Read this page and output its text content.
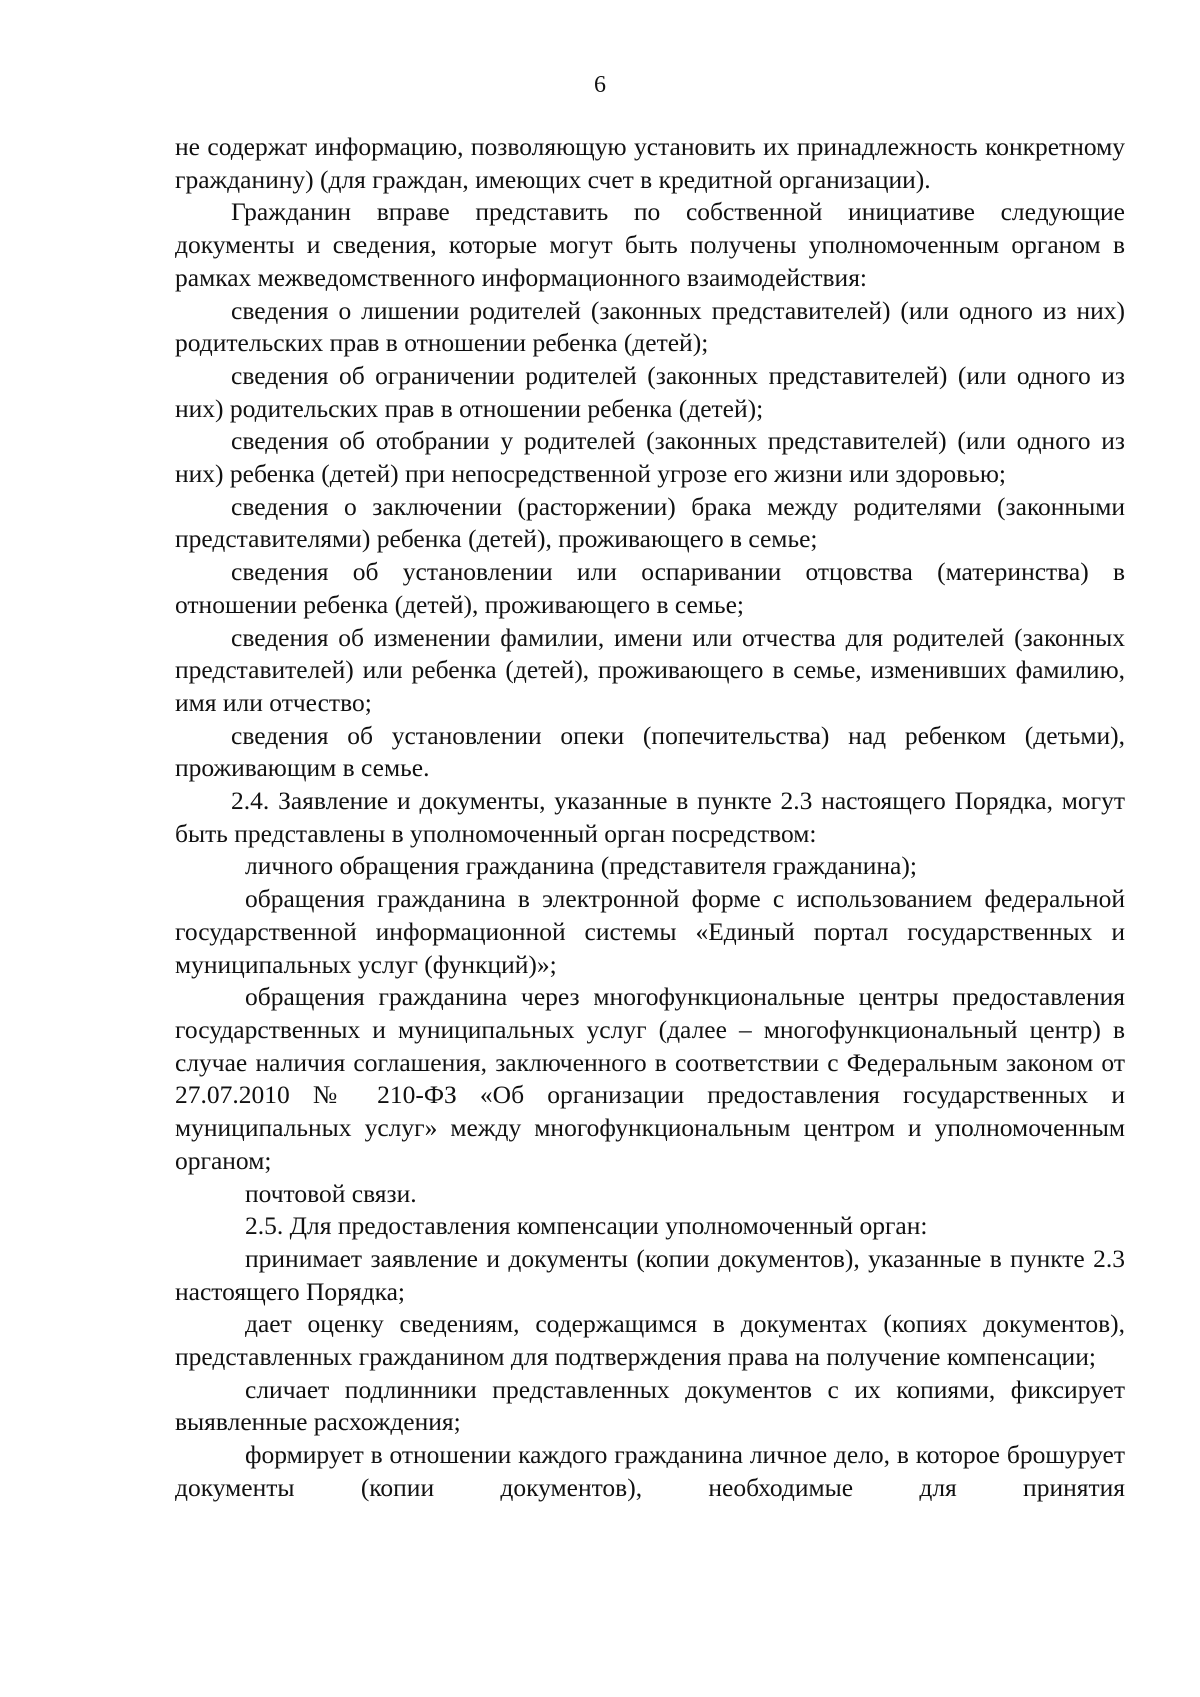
6

не содержат информацию, позволяющую установить их принадлежность конкретному гражданину) (для граждан, имеющих счет в кредитной организации).

Гражданин вправе представить по собственной инициативе следующие документы и сведения, которые могут быть получены уполномоченным органом в рамках межведомственного информационного взаимодействия:

сведения о лишении родителей (законных представителей) (или одного из них) родительских прав в отношении ребенка (детей);

сведения об ограничении родителей (законных представителей) (или одного из них) родительских прав в отношении ребенка (детей);

сведения об отобрании у родителей (законных представителей) (или одного из них) ребенка (детей) при непосредственной угрозе его жизни или здоровью;

сведения о заключении (расторжении) брака между родителями (законными представителями) ребенка (детей), проживающего в семье;

сведения об установлении или оспаривании отцовства (материнства) в отношении ребенка (детей), проживающего в семье;

сведения об изменении фамилии, имени или отчества для родителей (законных представителей) или ребенка (детей), проживающего в семье, изменивших фамилию, имя или отчество;

сведения об установлении опеки (попечительства) над ребенком (детьми), проживающим в семье.

2.4. Заявление и документы, указанные в пункте 2.3 настоящего Порядка, могут быть представлены в уполномоченный орган посредством:

личного обращения гражданина (представителя гражданина);

обращения гражданина в электронной форме с использованием федеральной государственной информационной системы «Единый портал государственных и муниципальных услуг (функций)»;

обращения гражданина через многофункциональные центры предоставления государственных и муниципальных услуг (далее – многофункциональный центр) в случае наличия соглашения, заключенного в соответствии с Федеральным законом от 27.07.2010 № 210-ФЗ «Об организации предоставления государственных и муниципальных услуг» между многофункциональным центром и уполномоченным органом;

почтовой связи.

2.5. Для предоставления компенсации уполномоченный орган:

принимает заявление и документы (копии документов), указанные в пункте 2.3 настоящего Порядка;

дает оценку сведениям, содержащимся в документах (копиях документов), представленных гражданином для подтверждения права на получение компенсации;

сличает подлинники представленных документов с их копиями, фиксирует выявленные расхождения;

формирует в отношении каждого гражданина личное дело, в которое брошурует документы (копии документов), необходимые для принятия
